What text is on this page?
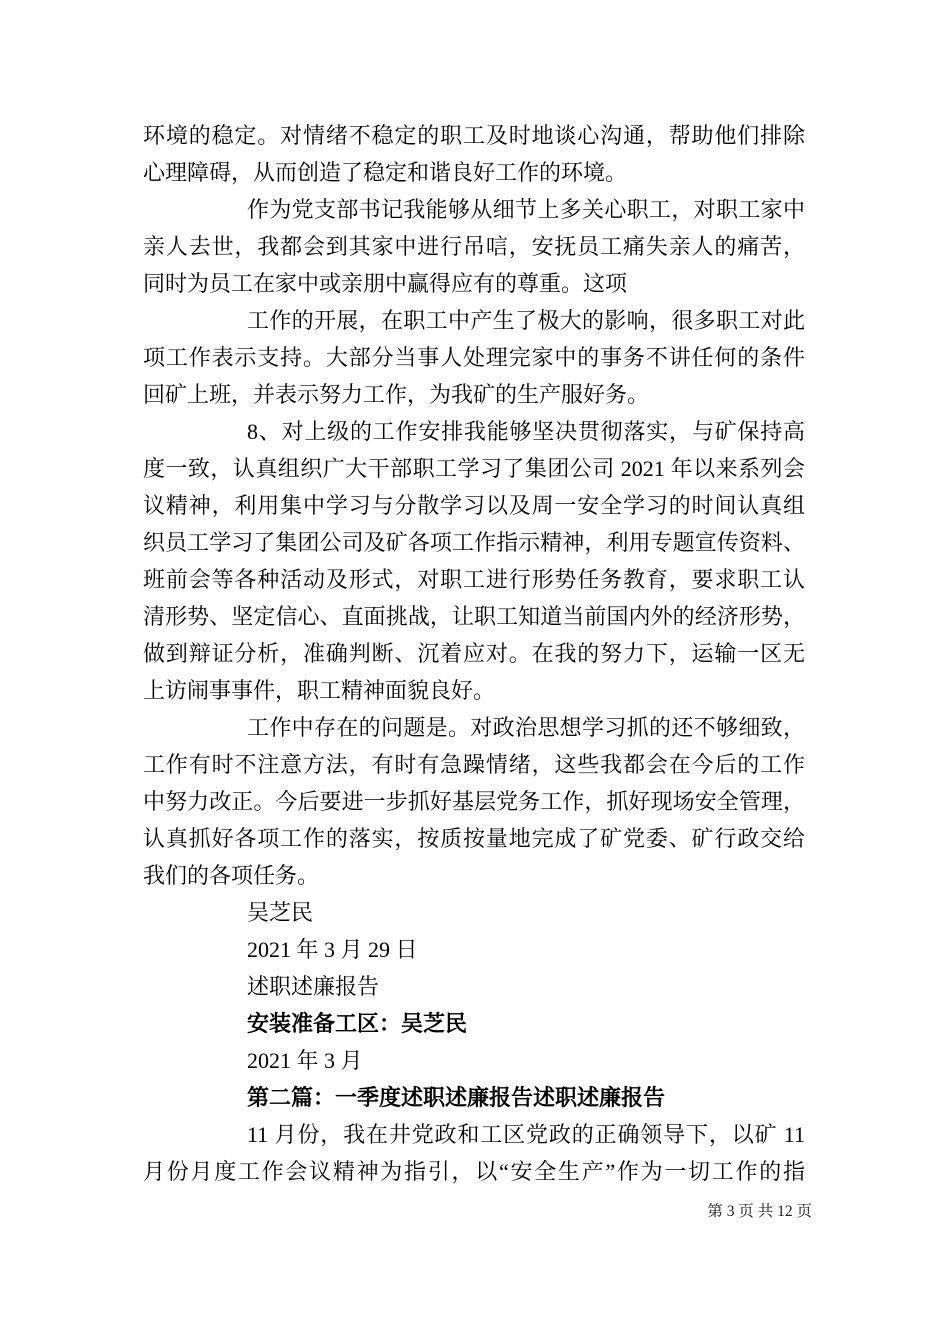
环境的稳定。对情绪不稳定的职工及时地谈心沟通，帮助他们排除
心理障碍，从而创造了稳定和谐良好工作的环境。
作为党支部书记我能够从细节上多关心职工，对职工家中
亲人去世，我都会到其家中进行吊唁，安抚员工痛失亲人的痛苦，
同时为员工在家中或亲朋中赢得应有的尊重。这项
工作的开展，在职工中产生了极大的影响，很多职工对此
项工作表示支持。大部分当事人处理完家中的事务不讲任何的条件
回矿上班，并表示努力工作，为我矿的生产服好务。
8、对上级的工作安排我能够坚决贯彻落实，与矿保持高
度一致，认真组织广大干部职工学习了集团公司 2021 年以来系列会
议精神，利用集中学习与分散学习以及周一安全学习的时间认真组
织员工学习了集团公司及矿各项工作指示精神，利用专题宣传资料、
班前会等各种活动及形式，对职工进行形势任务教育，要求职工认
清形势、坚定信心、直面挑战，让职工知道当前国内外的经济形势，
做到辩证分析，准确判断、沉着应对。在我的努力下，运输一区无
上访闹事事件，职工精神面貌良好。
工作中存在的问题是。对政治思想学习抓的还不够细致，
工作有时不注意方法，有时有急躁情绪，这些我都会在今后的工作
中努力改正。今后要进一步抓好基层党务工作，抓好现场安全管理，
认真抓好各项工作的落实，按质按量地完成了矿党委、矿行政交给
我们的各项任务。
吴芝民
2021 年 3 月 29 日
述职述廉报告
安装准备工区：吴芝民
2021 年 3 月
第二篇：一季度述职述廉报告述职述廉报告
11 月份，我在井党政和工区党政的正确领导下，以矿 11
月份月度工作会议精神为指引，以“安全生产”作为一切工作的指
第 3 页 共 12 页
